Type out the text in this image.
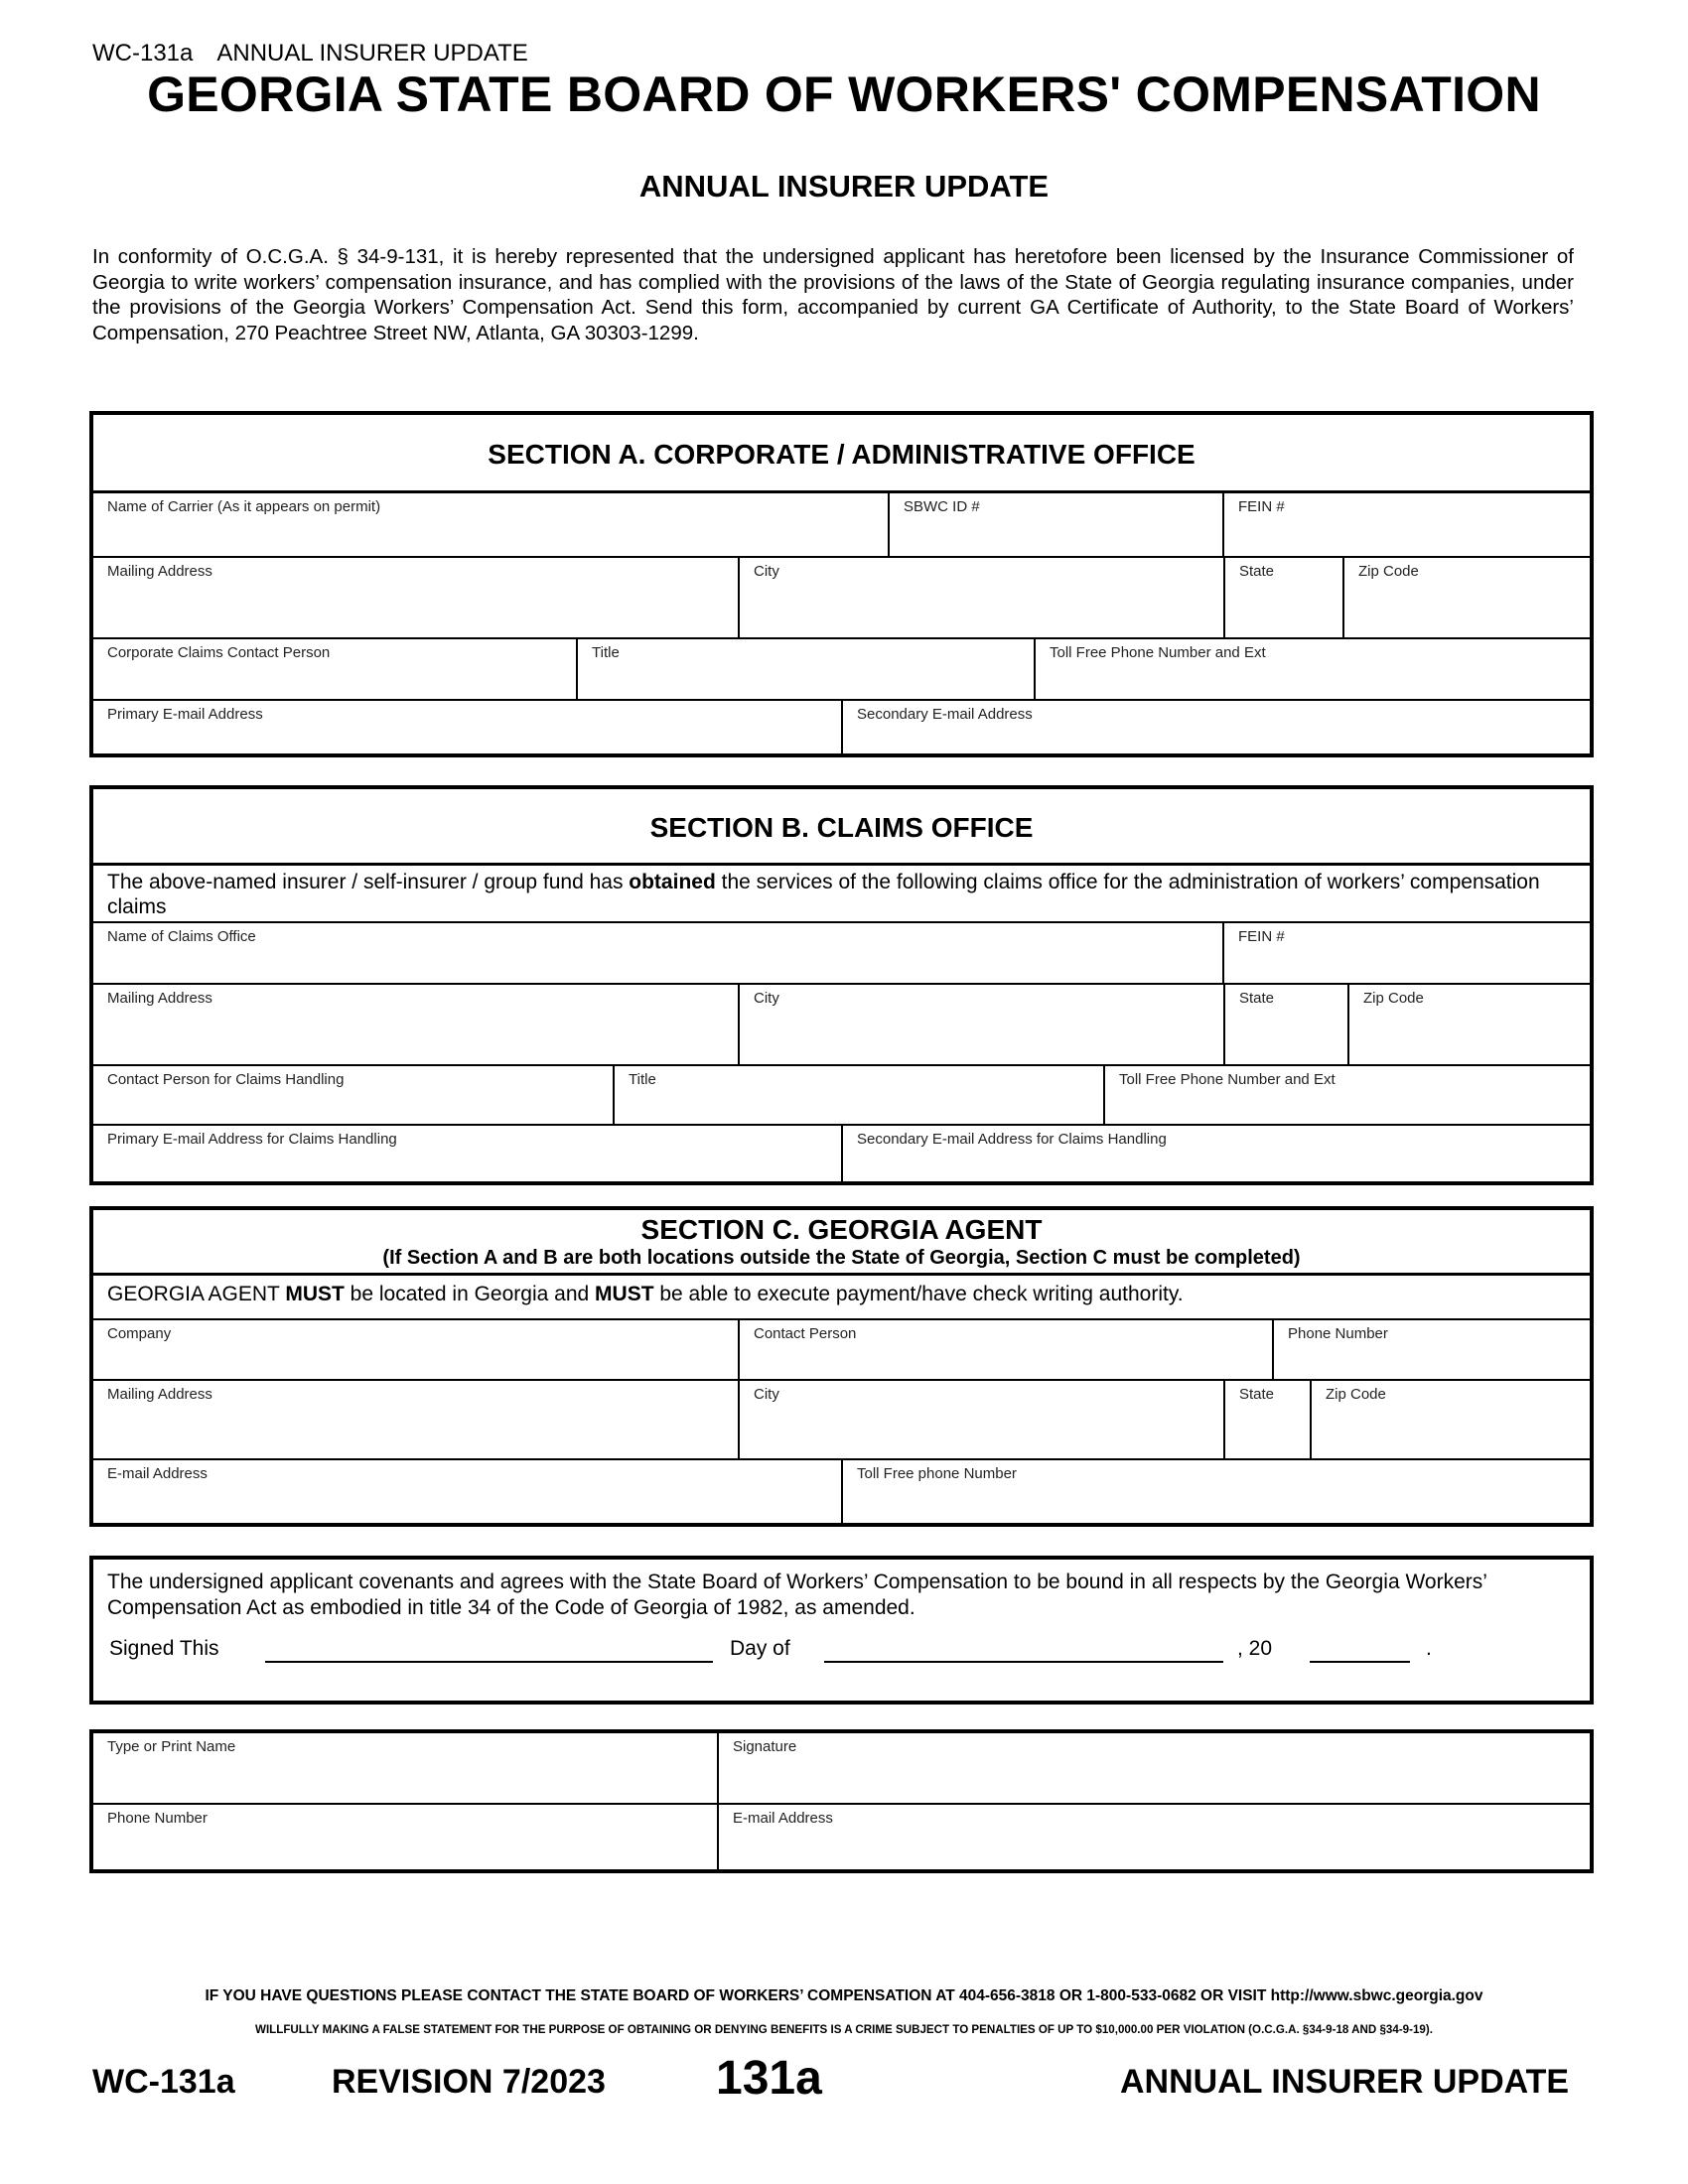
WC-131a ANNUAL INSURER UPDATE
GEORGIA STATE BOARD OF WORKERS' COMPENSATION
ANNUAL INSURER UPDATE
In conformity of O.C.G.A. § 34-9-131, it is hereby represented that the undersigned applicant has heretofore been licensed by the Insurance Commissioner of Georgia to write workers’ compensation insurance, and has complied with the provisions of the laws of the State of Georgia regulating insurance companies, under the provisions of the Georgia Workers’ Compensation Act. Send this form, accompanied by current GA Certificate of Authority, to the State Board of Workers’ Compensation, 270 Peachtree Street NW, Atlanta, GA 30303-1299.
SECTION A. CORPORATE / ADMINISTRATIVE OFFICE
Name of Carrier (As it appears on permit)	SBWC ID #	FEIN #
Mailing Address	City	State	Zip Code
Corporate Claims Contact Person	Title	Toll Free Phone Number and Ext
Primary E-mail Address	Secondary E-mail Address
SECTION B. CLAIMS OFFICE
The above-named insurer / self-insurer / group fund has obtained the services of the following claims office for the administration of workers’ compensation claims
Name of Claims Office	FEIN #
Mailing Address	City	State	Zip Code
Contact Person for Claims Handling	Title	Toll Free Phone Number and Ext
Primary E-mail Address for Claims Handling	Secondary E-mail Address for Claims Handling
SECTION C. GEORGIA AGENT
(If Section A and B are both locations outside the State of Georgia, Section C must be completed)
GEORGIA AGENT MUST be located in Georgia and MUST be able to execute payment/have check writing authority.
Company	Contact Person	Phone Number
Mailing Address	City	State	Zip Code
E-mail Address	Toll Free phone Number
The undersigned applicant covenants and agrees with the State Board of Workers’ Compensation to be bound in all respects by the Georgia Workers’ Compensation Act as embodied in title 34 of the Code of Georgia of 1982, as amended.
Signed This	Day of	, 20	.
Type or Print Name	Signature
Phone Number	E-mail Address
IF YOU HAVE QUESTIONS PLEASE CONTACT THE STATE BOARD OF WORKERS’ COMPENSATION AT 404-656-3818 OR 1-800-533-0682 OR VISIT http://www.sbwc.georgia.gov
WILLFULLY MAKING A FALSE STATEMENT FOR THE PURPOSE OF OBTAINING OR DENYING BENEFITS IS A CRIME SUBJECT TO PENALTIES OF UP TO $10,000.00 PER VIOLATION (O.C.G.A. §34-9-18 AND §34-9-19).
WC-131a	REVISION 7/2023 131a	ANNUAL INSURER UPDATE
